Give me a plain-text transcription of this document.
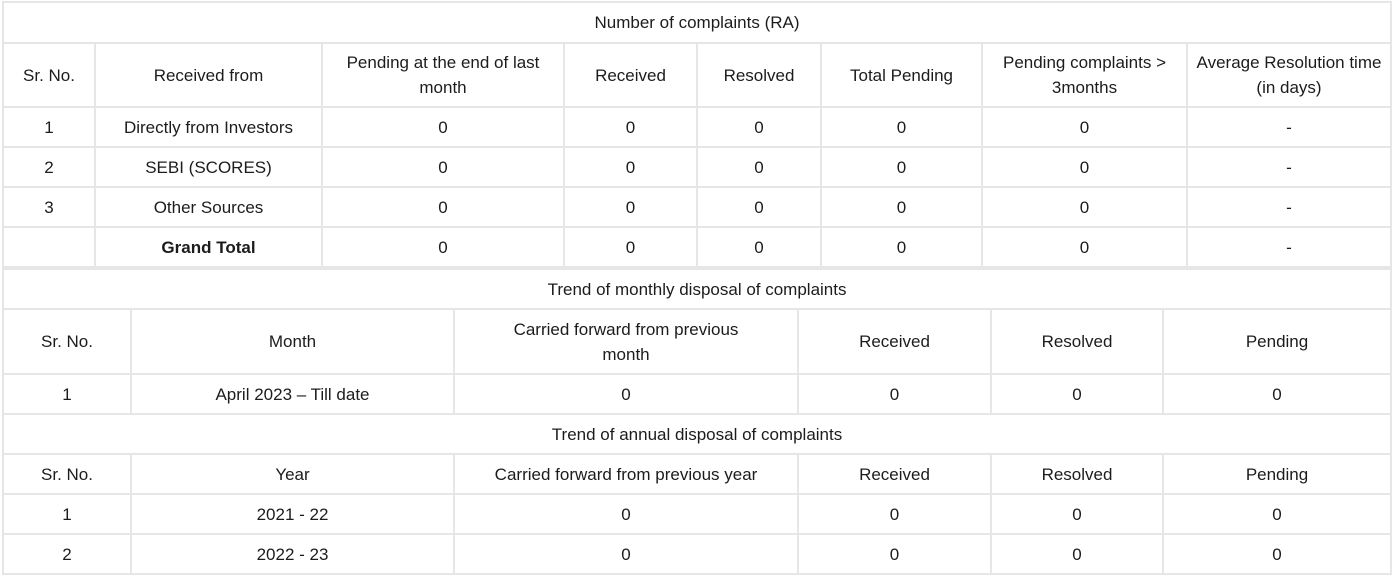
Number of complaints (RA)							
Sr. No.	Received from	Pending at the end of last month	Received	Resolved	Total Pending	Pending complaints > 3months	Average Resolution time (in days)
1	Directly from Investors	0	0	0	0	0	-
2	SEBI (SCORES)	0	0	0	0	0	-
3	Other Sources	0	0	0	0	0	-
	Grand Total	0	0	0	0	0	-
Trend of monthly disposal of complaints					
Sr. No.	Month	Carried forward from previous month	Received	Resolved	Pending
1	April 2023 – Till date	0	0	0	0
Trend of annual disposal of complaints					
Sr. No.	Year	Carried forward from previous year	Received	Resolved	Pending
1	2021 - 22	0	0	0	0
2	2022 - 23	0	0	0	0
